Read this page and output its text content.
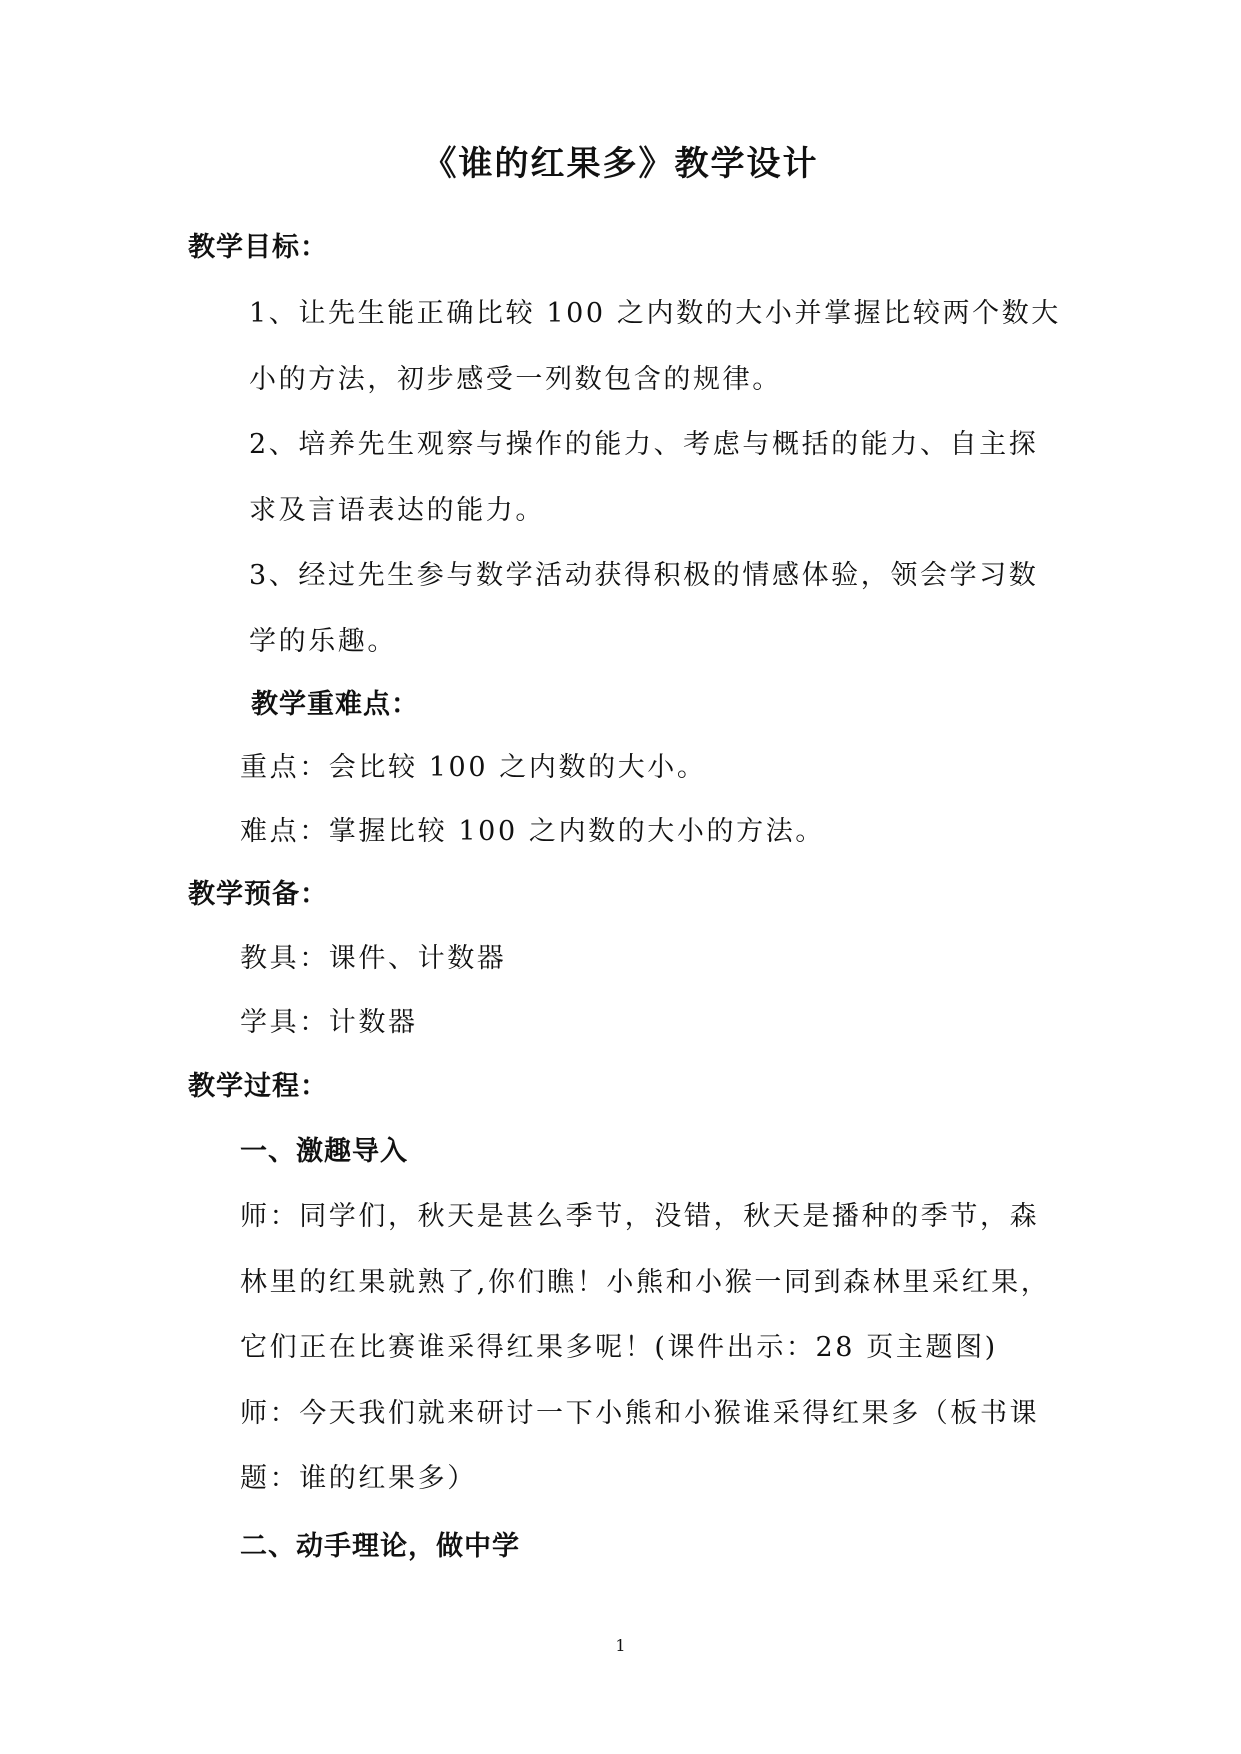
《谁的红果多》教学设计
教学目标：
1、让先生能正确比较 100 之内数的大小并掌握比较两个数大
小的方法，初步感受一列数包含的规律。
2、培养先生观察与操作的能力、考虑与概括的能力、自主探
求及言语表达的能力。
3、经过先生参与数学活动获得积极的情感体验，领会学习数
学的乐趣。
教学重难点：
重点：会比较 100 之内数的大小。
难点：掌握比较 100 之内数的大小的方法。
教学预备：
教具：课件、计数器
学具：计数器
教学过程：
一、激趣导入
师：同学们，秋天是甚么季节，没错，秋天是播种的季节，森
林里的红果就熟了,你们瞧！小熊和小猴一同到森林里采红果，
它们正在比赛谁采得红果多呢！(课件出示：28 页主题图)
师：今天我们就来研讨一下小熊和小猴谁采得红果多（板书课
题：谁的红果多）
二、动手理论，做中学
1
